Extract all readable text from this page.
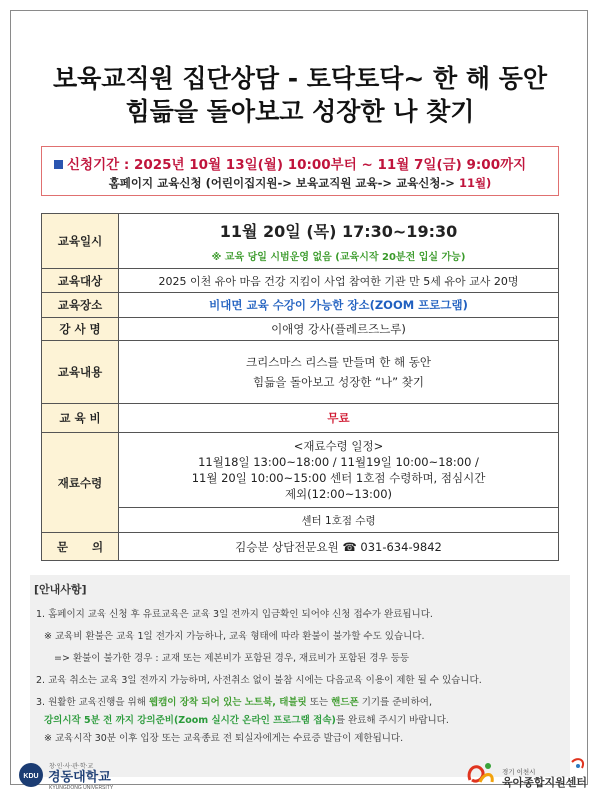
보육교직원 집단상담 - 토닥토닥~ 한 해 동안
힘듦을 돌아보고 성장한 나 찾기
신청기간 : 2025년 10월 13일(월) 10:00부터 ~ 11월 7일(금) 9:00까지
홈페이지 교육신청 (어린이집지원-> 보육교직원 교육-> 교육신청-> 11월)
교육일시	11월 20일 (목) 17:30~19:30
※ 교육 당일 시범운영 없음 (교육시작 20분전 입실 가능)

교육대상	2025 이천 유아 마음 건강 지킴이 사업 참여한 기관 만 5세 유아 교사 20명
교육장소	비대면 교육 수강이 가능한 장소(ZOOM 프로그램)
강 사 명	이애영 강사(플레르즈느루)
교육내용	크리스마스 리스를 만들며 한 해 동안
힘듦을 돌아보고 성장한 “나” 찾기

교 육 비	무료
재료수령	<재료수령 일정>
11월18일 13:00~18:00 / 11월19일 10:00~18:00 /
11월 20일 10:00~15:00 센터 1호점 수령하며, 점심시간
제외(12:00~13:00)

	센터 1호점 수령
문      의	김승분 상담전문요원 ☎ 031-634-9842
[안내사항]
1. 홈페이지 교육 신청 후 유료교육은 교육 3일 전까지 입금확인 되어야 신청 접수가 완료됩니다.
※ 교육비 환불은 교육 1일 전가지 가능하나, 교육 형태에 따라 환불이 불가할 수도 있습니다.
=> 환불이 불가한 경우 : 교재 또는 제본비가 포함된 경우, 재료비가 포함된 경우 등등
2. 교육 취소는 교육 3일 전까지 가능하며, 사전취소 없이 불참 시에는 다음교육 이용이 제한 될 수 있습니다.
3. 원활한 교육진행을 위해 웹캠이 장착 되어 있는 노트북, 태블릿 또는 핸드폰 기기를 준비하여,
강의시작 5분 전 까지 강의준비(Zoom 실시간 온라인 프로그램 접속)를 완료해 주시기 바랍니다.
※ 교육시작 30분 이후 입장 또는 교육종료 전 퇴실자에게는 수료증 발급이 제한됩니다.
KDU
창·인·사·관·학·교
경동대학교
KYUNGDONG UNIVERSITY
경기 이천시
육아종합지원센터
